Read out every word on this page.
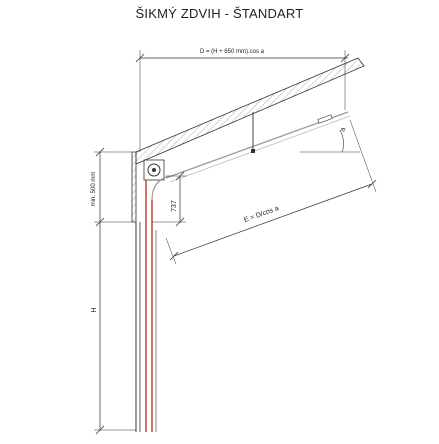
ŠIKMÝ ZDVIH - ŠTANDART
D = (H + 650 mm).cos a
a
737	E = D/cos a
min. 500 mm
H
